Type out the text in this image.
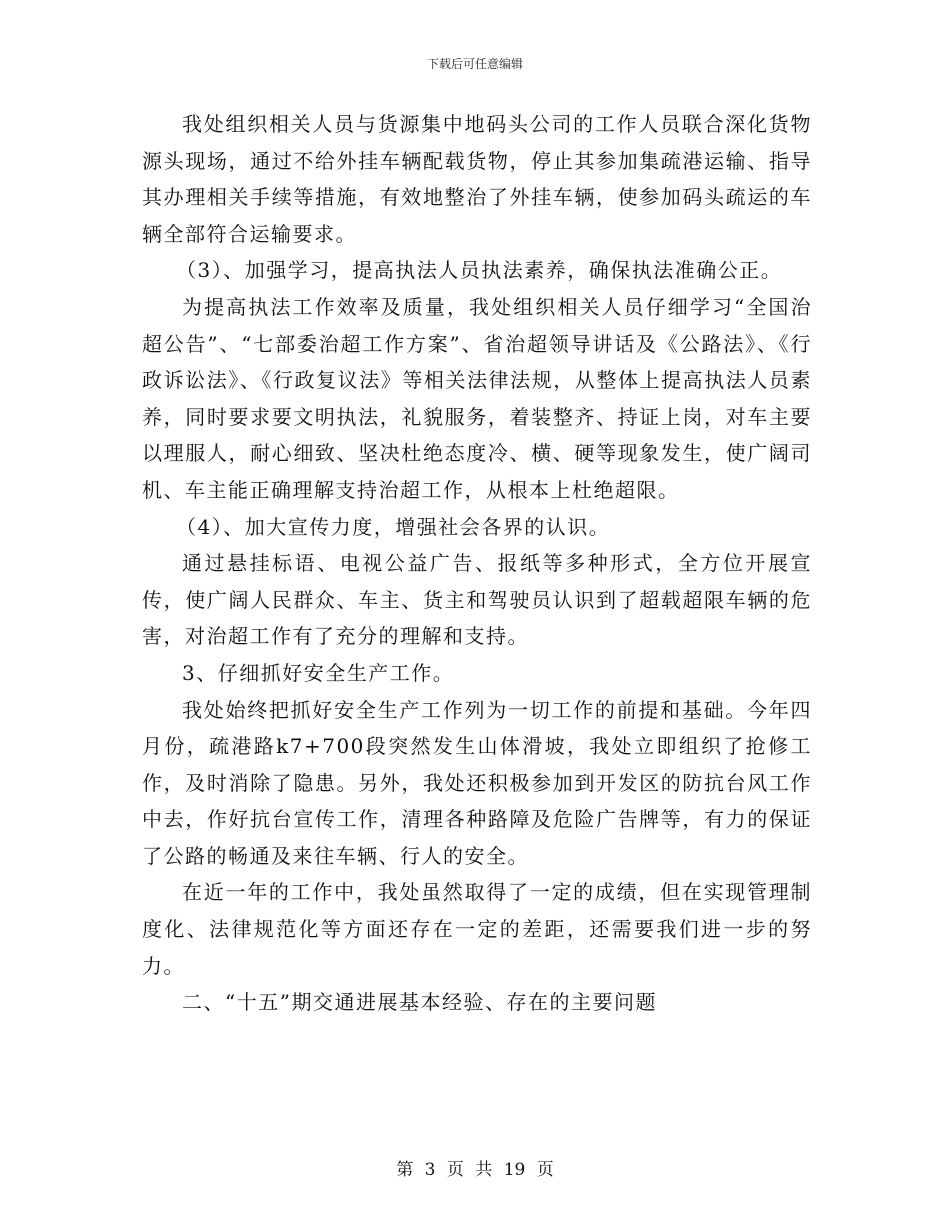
下载后可任意编辑

我处组织相关人员与货源集中地码头公司的工作人员联合深化货物源头现场，通过不给外挂车辆配载货物，停止其参加集疏港运输、指导其办理相关手续等措施，有效地整治了外挂车辆，使参加码头疏运的车辆全部符合运输要求。

（3）、加强学习，提高执法人员执法素养，确保执法准确公正。

为提高执法工作效率及质量，我处组织相关人员仔细学习“全国治超公告”、“七部委治超工作方案”、省治超领导讲话及《公路法》、《行政诉讼法》、《行政复议法》等相关法律法规，从整体上提高执法人员素养，同时要求要文明执法，礼貌服务，着装整齐、持证上岗，对车主要以理服人，耐心细致、坚决杜绝态度冷、横、硬等现象发生，使广阔司机、车主能正确理解支持治超工作，从根本上杜绝超限。

（4）、加大宣传力度，增强社会各界的认识。

通过悬挂标语、电视公益广告、报纸等多种形式，全方位开展宣传，使广阔人民群众、车主、货主和驾驶员认识到了超载超限车辆的危害，对治超工作有了充分的理解和支持。

3、仔细抓好安全生产工作。

我处始终把抓好安全生产工作列为一切工作的前提和基础。今年四月份，疏港路k7+700段突然发生山体滑坡，我处立即组织了抢修工作，及时消除了隐患。另外，我处还积极参加到开发区的防抗台风工作中去，作好抗台宣传工作，清理各种路障及危险广告牌等，有力的保证了公路的畅通及来往车辆、行人的安全。

在近一年的工作中，我处虽然取得了一定的成绩，但在实现管理制度化、法律规范化等方面还存在一定的差距，还需要我们进一步的努力。

二、“十五”期交通进展基本经验、存在的主要问题

第 3 页 共 19 页
